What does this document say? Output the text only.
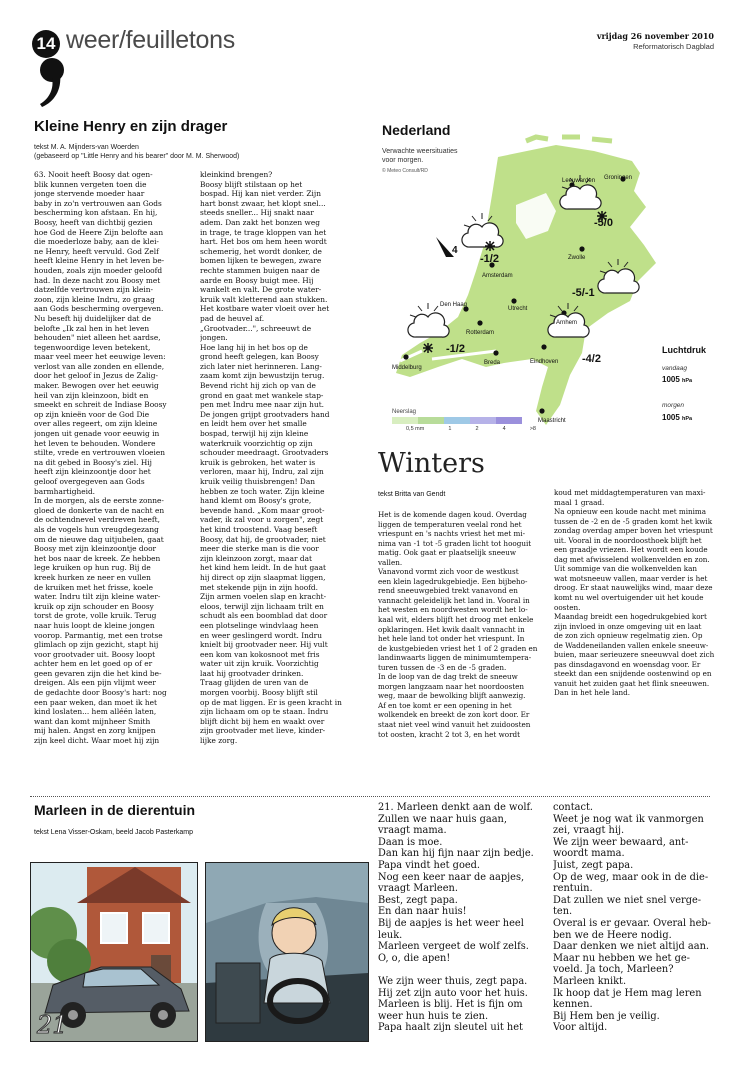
14 weer/feuilletons	vrijdag 26 november 2010
Reformatorisch Dagblad
Kleine Henry en zijn drager
tekst M. A. Mijnders-van Woerden
(gebaseerd op "Little Henry and his bearer" door M. M. Sherwood)
63. Nooit heeft Boosy dat ogen-
blik kunnen vergeten toen die
jonge stervende moeder haar
baby in zo'n vertrouwen aan Gods
bescherming kon afstaan. En hij,
Boosy, heeft van dichtbij gezien
hoe God de Heere Zijn belofte aan
die moederloze baby, aan de klei-
ne Henry, heeft vervuld. God Zelf
heeft kleine Henry in het leven be-
houden, zoals zijn moeder geloofd
had. In deze nacht zou Boosy met
datzelfde vertrouwen zijn klein-
zoon, zijn kleine Indru, zo graag
aan Gods bescherming overgeven.
Nu beseft hij duidelijker dat de
belofte „Ik zal hen in het leven
behouden" niet alleen het aardse,
tegenwoordige leven betekent,
maar veel meer het eeuwige leven:
verlost van alle zonden en ellende,
door het geloof in Jezus de Zalig-
maker. Bewogen over het eeuwig
heil van zijn kleinzoon, bidt en
smeekt en schreit de Indiase Boosy
op zijn knieën voor de God Die
over alles regeert, om zijn kleine
jongen uit genade voor eeuwig in
het leven te behouden. Wondere
stilte, vrede en vertrouwen vloeien
na dit gebed in Boosy's ziel. Hij
heeft zijn kleinzoontje door het
geloof overgegeven aan Gods
barmhartigheid.
In de morgen, als de eerste zonne-
gloed de donkerte van de nacht en
de ochtendnevel verdreven heeft,
als de vogels hun vreugdegezang
om de nieuwe dag uitjubelen, gaat
Boosy met zijn kleinzoontje door
het bos naar de kreek. Ze hebben
lege kruiken op hun rug. Bij de
kreek hurken ze neer en vullen
de kruiken met het frisse, koele
water. Indru tilt zijn kleine water-
kruik op zijn schouder en Boosy
torst de grote, volle kruik. Terug
naar huis loopt de kleine jongen
voorop. Parmantig, met een trotse
glimlach op zijn gezicht, stapt hij
voor grootvader uit. Boosy loopt
achter hem en let goed op of er
geen gevaren zijn die het kind be-
dreigen. Als een pijn vlijmt weer
de gedachte door Boosy's hart: nog
een paar weken, dan moet ik het
kind loslaten... hem alléén laten,
want dan komt mijnheer Smith
mij halen. Angst en zorg knijpen
zijn keel dicht. Waar moet hij zijn
kleinkind brengen?
Boosy blijft stilstaan op het
bospad. Hij kan niet verder. Zijn
hart bonst zwaar, het klopt snel...
steeds sneller... Hij snakt naar
adem. Dan zakt het bonzen weg
in trage, te trage kloppen van het
hart. Het bos om hem heen wordt
schemerig, het wordt donker, de
bomen lijken te bewegen, zware
rechte stammen buigen naar de
aarde en Boosy buigt mee. Hij
wankelt en valt. De grote water-
kruik valt kletterend aan stukken.
Het kostbare water vloeit over het
pad de heuvel af.
„Grootvader...", schreeuwt de
jongen.
Hoe lang hij in het bos op de
grond heeft gelegen, kan Boosy
zich later niet herinneren. Lang-
zaam komt zijn bewustzijn terug.
Bevend richt hij zich op van de
grond en gaat met wankele stap-
pen met Indru mee naar zijn hut.
De jongen grijpt grootvaders hand
en leidt hem over het smalle
bospad, terwijl hij zijn kleine
waterkruik voorzichtig op zijn
schouder meedraagt. Grootvaders
kruik is gebroken, het water is
verloren, maar hij, Indru, zal zijn
kruik veilig thuisbrengen! Dan
hebben ze toch water. Zijn kleine
hand klemt om Boosy's grote,
bevende hand. „Kom maar groot-
vader, ik zal voor u zorgen", zegt
het kind troostend. Vaag beseft
Boosy, dat hij, de grootvader, niet
meer die sterke man is die voor
zijn kleinzoon zorgt, maar dat
het kind hem leidt. In de hut gaat
hij direct op zijn slaapmat liggen,
met stekende pijn in zijn hoofd.
Zijn armen voelen slap en kracht-
eloos, terwijl zijn lichaam trilt en
schudt als een boomblad dat door
een plotselinge windvlaag heen
en weer geslingerd wordt. Indru
knielt bij grootvader neer. Hij vult
een kom van kokosnoot met fris
water uit zijn kruik. Voorzichtig
laat hij grootvader drinken.
Traag glijden de uren van de
morgen voorbij. Boosy blijft stil
op de mat liggen. Er is geen kracht in
zijn lichaam om op te staan. Indru
blijft dicht bij hem en waakt over
zijn grootvader met lieve, kinder-
lijke zorg.
Nederland
Verwachte weersituaties
voor morgen.
© Meteo Consult/RD
Leeuwarden Groningen
Amsterdam
Zwolle
Den Haag
Utrecht
Arnhem
Rotterdam
Middelburg
Breda	Eindhoven
Maastricht
-5/0
-1/2
-5/-1
-1/2
-4/2
4
Neerslag
0,5 mm	1	2	4	>8
Luchtdruk
vandaag
1005 hPa
morgen
1005 hPa
Winters
tekst Britta van Gendt
Het is de komende dagen koud. Overdag
liggen de temperaturen veelal rond het
vriespunt en 's nachts vriest het met mi-
nima van -1 tot -5 graden licht tot hooguit
matig. Ook gaat er plaatselijk sneeuw
vallen.
Vanavond vormt zich voor de westkust
een klein lagedrukgebiedje. Een bijbeho-
rend sneeuwgebied trekt vanavond en
vannacht geleidelijk het land in. Vooral in
het westen en noordwesten wordt het lo-
kaal wit, elders blijft het droog met enkele
opklaringen. Het kwik daalt vannacht in
het hele land tot onder het vriespunt. In
de kustgebieden vriest het 1 of 2 graden en
landinwaarts liggen de minimumtempera-
turen tussen de -3 en de -5 graden.
In de loop van de dag trekt de sneeuw
morgen langzaam naar het noordoosten
weg, maar de bewolking blijft aanwezig.
Af en toe komt er een opening in het
wolkendek en breekt de zon kort door. Er
staat niet veel wind vanuit het zuidoosten
tot oosten, kracht 2 tot 3, en het wordt
koud met middagtemperaturen van maxi-
maal 1 graad.
Na opnieuw een koude nacht met minima
tussen de -2 en de -5 graden komt het kwik
zondag overdag amper boven het vriespunt
uit. Vooral in de noordoosthoek blijft het
een graadje vriezen. Het wordt een koude
dag met afwisselend wolkenvelden en zon.
Uit sommige van die wolkenvelden kan
wat motsneeuw vallen, maar verder is het
droog. Er staat nauwelijks wind, maar deze
komt nu wel overtuigender uit het koude
oosten.
Maandag breidt een hogedrukgebied kort
zijn invloed in onze omgeving uit en laat
de zon zich opnieuw regelmatig zien. Op
de Waddeneilanden vallen enkele sneeuw-
buien, maar serieuzere sneeuwval doet zich
pas dinsdagavond en woensdag voor. Er
steekt dan een snijdende oostenwind op en
vanuit het zuiden gaat het flink sneeuwen.
Dan in het hele land.
Marleen in de dierentuin
tekst Lena Visser-Oskam, beeld Jacob Pasterkamp
21
21. Marleen denkt aan de wolf.
Zullen we naar huis gaan,
vraagt mama.
Daan is moe.
Dan kan hij fijn naar zijn bedje.
Papa vindt het goed.
Nog een keer naar de aapjes,
vraagt Marleen.
Best, zegt papa.
En dan naar huis!
Bij de aapjes is het weer heel
leuk.
Marleen vergeet de wolf zelfs.
O, o, die apen!

We zijn weer thuis, zegt papa.
Hij zet zijn auto voor het huis.
Marleen is blij. Het is fijn om
weer hun huis te zien.
Papa haalt zijn sleutel uit het
contact.
Weet je nog wat ik vanmorgen
zei, vraagt hij.
We zijn weer bewaard, ant-
woordt mama.
Juist, zegt papa.
Op de weg, maar ook in de die-
rentuin.
Dat zullen we niet snel verge-
ten.
Overal is er gevaar. Overal heb-
ben we de Heere nodig.
Daar denken we niet altijd aan.
Maar nu hebben we het ge-
voeld. Ja toch, Marleen?
Marleen knikt.
Ik hoop dat je Hem mag leren
kennen.
Bij Hem ben je veilig.
Voor altijd.
